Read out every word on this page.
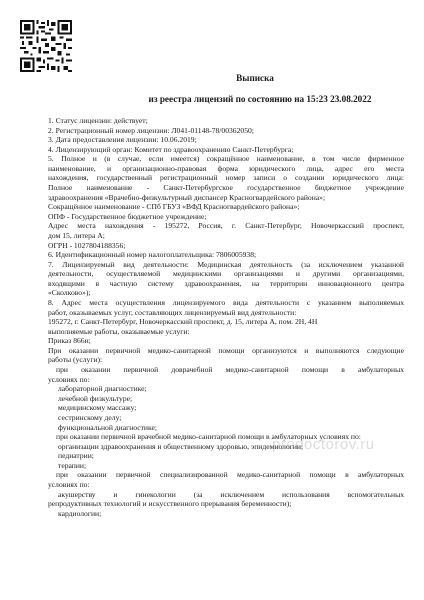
Выписка
из реестра лицензий по состоянию на 15:23 23.08.2022
1. Статус лицензии: действует;
2. Регистрационный номер лицензии: Л041-01148-78/00362050;
3. Дата предоставления лицензии: 10.06.2019;
4. Лицензирующий орган: Комитет по здравоохранению Санкт-Петербурга;
5. Полное и (в случае, если имеется) сокращённое наименование, в том числе фирменное
наименование, и организационно-правовая форма юридического лица, адрес его места
нахождения, государственный регистрационный номер записи о создании юридического лица:
Полное наименование - Санкт-Петербургское государственное бюджетное учреждение
здравоохранения «Врачебно-физкультурный диспансер Красногвардейского района»;
Сокращённое наименование - СПб ГБУЗ «ВФД Красногвардейского района»;
ОПФ - Государственное бюджетное учреждение;
Адрес места нахождения - 195272, Россия, г. Санкт-Петербург, Новочеркасский проспект,
дом 15, литера А;
ОГРН - 1027804188356;
6. Идентификационный номер налогоплательщика: 7806005938;
7. Лицензируемый вид деятельности: Медицинская деятельность (за исключением указанной
деятельности, осуществляемой медицинскими организациями и другими организациями,
входящими в частную систему здравоохранения, на территории инновационного центра
«Сколково»);
8. Адрес места осуществления лицензируемого вида деятельности с указанием выполняемых
работ, оказываемых услуг, составляющих лицензируемый вид деятельности:
195272, г. Санкт-Петербург, Новочеркасский проспект, д. 15, литера А, пом. 2Н, 4Н
выполняемые работы, оказываемые услуги:
Приказ 866н;
При оказании первичной медико-санитарной помощи организуются и выполняются следующие
работы (услуги):
при оказании первичной доврачебной медико-санитарной помощи в амбулаторных
условиях по:
лабораторной диагностике;
лечебной физкультуре;
медицинскому массажу;
сестринскому делу;
функциональной диагностике;
при оказании первичной врачебной медико-санитарной помощи в амбулаторных условиях по:
организации здравоохранения и общественному здоровью, эпидемиологии;
педиатрии;
терапии;
при оказании первичной специализированной медико-санитарной помощи в амбулаторных
условиях по:
акушерству и гинекологии (за исключением использования вспомогательных
репродуктивных технологий и искусственного прерывания беременности);
кардиологии;
prodoctorov.ru
